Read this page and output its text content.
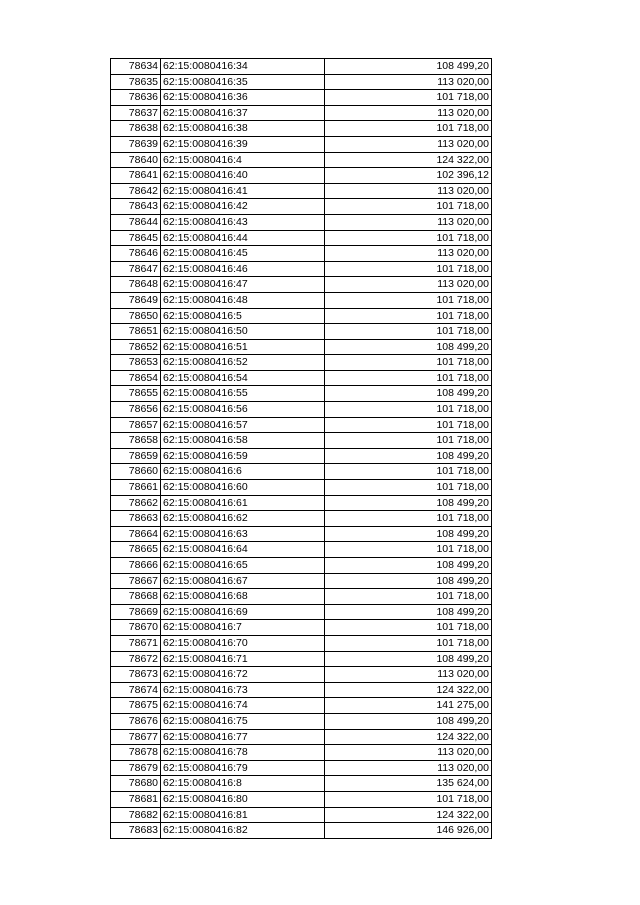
78634	62:15:0080416:34	108 499,20
78635	62:15:0080416:35	113 020,00
78636	62:15:0080416:36	101 718,00
78637	62:15:0080416:37	113 020,00
78638	62:15:0080416:38	101 718,00
78639	62:15:0080416:39	113 020,00
78640	62:15:0080416:4	124 322,00
78641	62:15:0080416:40	102 396,12
78642	62:15:0080416:41	113 020,00
78643	62:15:0080416:42	101 718,00
78644	62:15:0080416:43	113 020,00
78645	62:15:0080416:44	101 718,00
78646	62:15:0080416:45	113 020,00
78647	62:15:0080416:46	101 718,00
78648	62:15:0080416:47	113 020,00
78649	62:15:0080416:48	101 718,00
78650	62:15:0080416:5	101 718,00
78651	62:15:0080416:50	101 718,00
78652	62:15:0080416:51	108 499,20
78653	62:15:0080416:52	101 718,00
78654	62:15:0080416:54	101 718,00
78655	62:15:0080416:55	108 499,20
78656	62:15:0080416:56	101 718,00
78657	62:15:0080416:57	101 718,00
78658	62:15:0080416:58	101 718,00
78659	62:15:0080416:59	108 499,20
78660	62:15:0080416:6	101 718,00
78661	62:15:0080416:60	101 718,00
78662	62:15:0080416:61	108 499,20
78663	62:15:0080416:62	101 718,00
78664	62:15:0080416:63	108 499,20
78665	62:15:0080416:64	101 718,00
78666	62:15:0080416:65	108 499,20
78667	62:15:0080416:67	108 499,20
78668	62:15:0080416:68	101 718,00
78669	62:15:0080416:69	108 499,20
78670	62:15:0080416:7	101 718,00
78671	62:15:0080416:70	101 718,00
78672	62:15:0080416:71	108 499,20
78673	62:15:0080416:72	113 020,00
78674	62:15:0080416:73	124 322,00
78675	62:15:0080416:74	141 275,00
78676	62:15:0080416:75	108 499,20
78677	62:15:0080416:77	124 322,00
78678	62:15:0080416:78	113 020,00
78679	62:15:0080416:79	113 020,00
78680	62:15:0080416:8	135 624,00
78681	62:15:0080416:80	101 718,00
78682	62:15:0080416:81	124 322,00
78683	62:15:0080416:82	146 926,00
